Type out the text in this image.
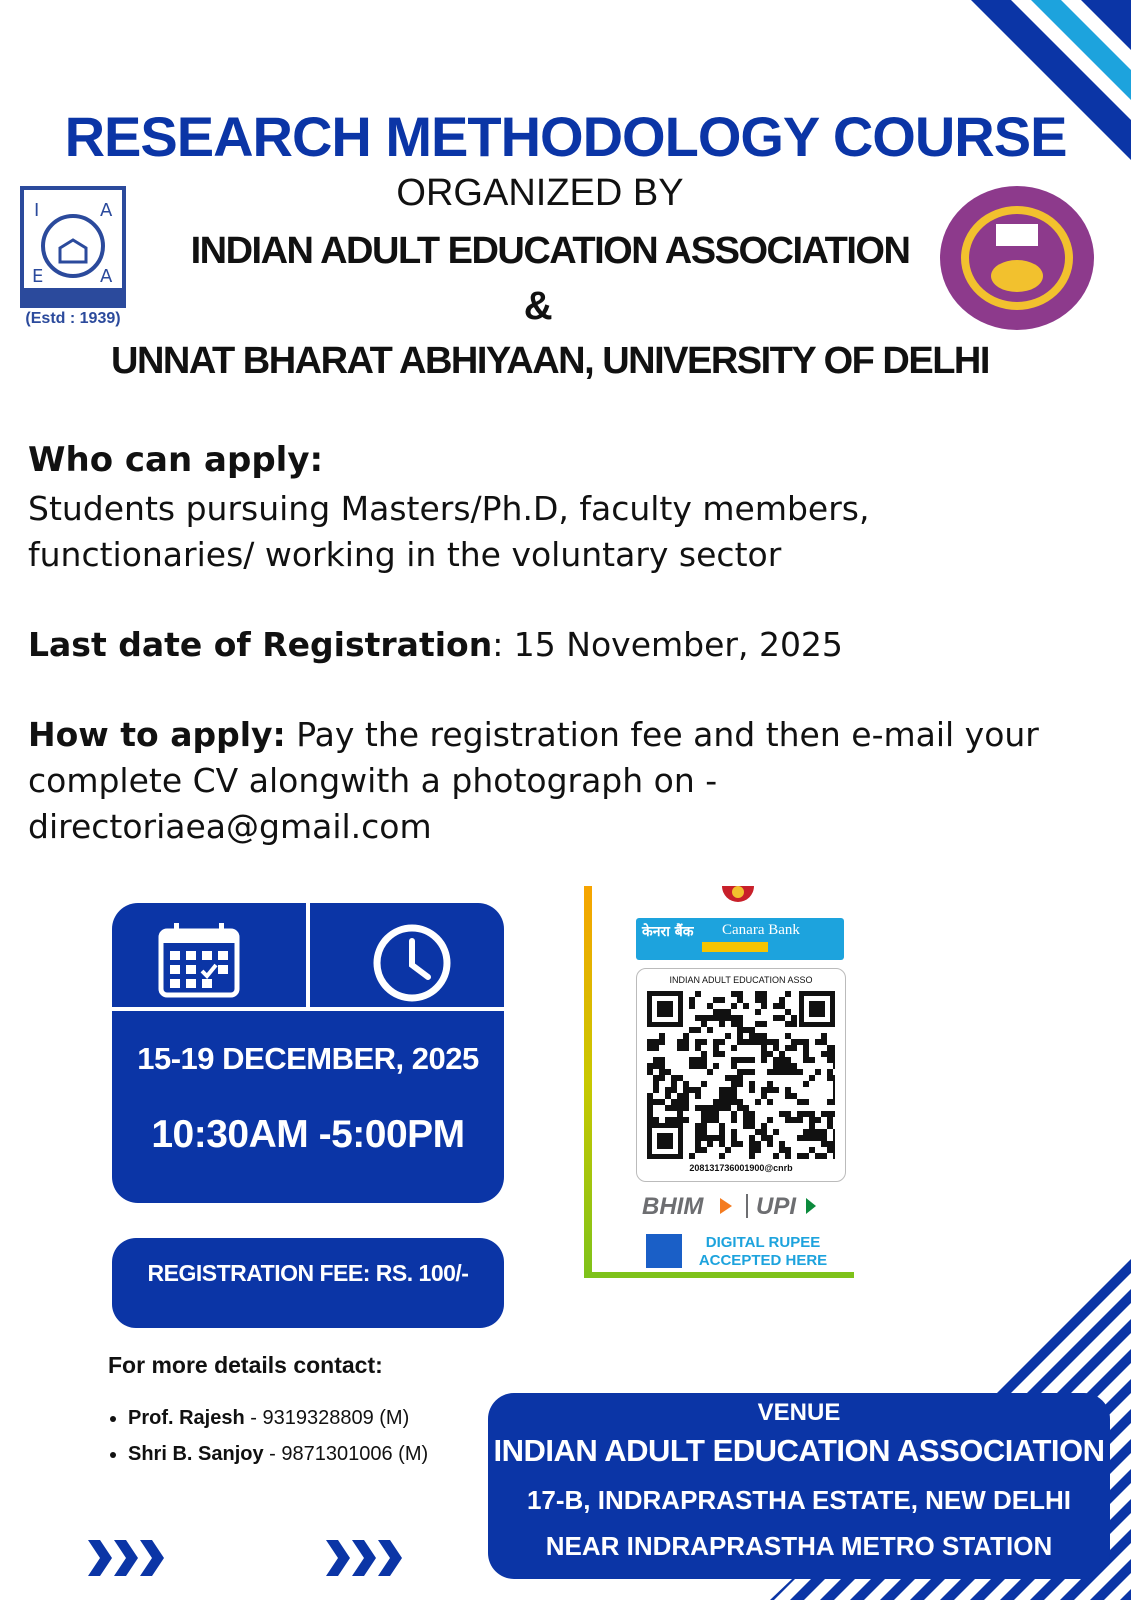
RESEARCH METHODOLOGY COURSE
ORGANIZED BY
INDIAN ADULT EDUCATION ASSOCIATION
&
UNNAT BHARAT ABHIYAAN, UNIVERSITY OF DELHI
I	A
E	A
(Estd : 1939)
Who can apply:
Students pursuing Masters/Ph.D, faculty members, functionaries/ working in the voluntary sector
Last date of Registration: 15 November, 2025
How to apply: Pay the registration fee and then e-mail your complete CV alongwith a photograph on - directoriaea@gmail.com
15-19 DECEMBER, 2025
10:30AM -5:00PM
REGISTRATION FEE: RS. 100/-
केनरा बैंक Canara Bank
INDIAN ADULT EDUCATION ASSO
208131736001900@cnrb
BHIM UPI
DIGITAL RUPEE ACCEPTED HERE
For more details contact:
• Prof. Rajesh - 9319328809 (M)
• Shri B. Sanjoy - 9871301006 (M)
VENUE
INDIAN ADULT EDUCATION ASSOCIATION
17-B, INDRAPRASTHA ESTATE, NEW DELHI
NEAR INDRAPRASTHA METRO STATION
